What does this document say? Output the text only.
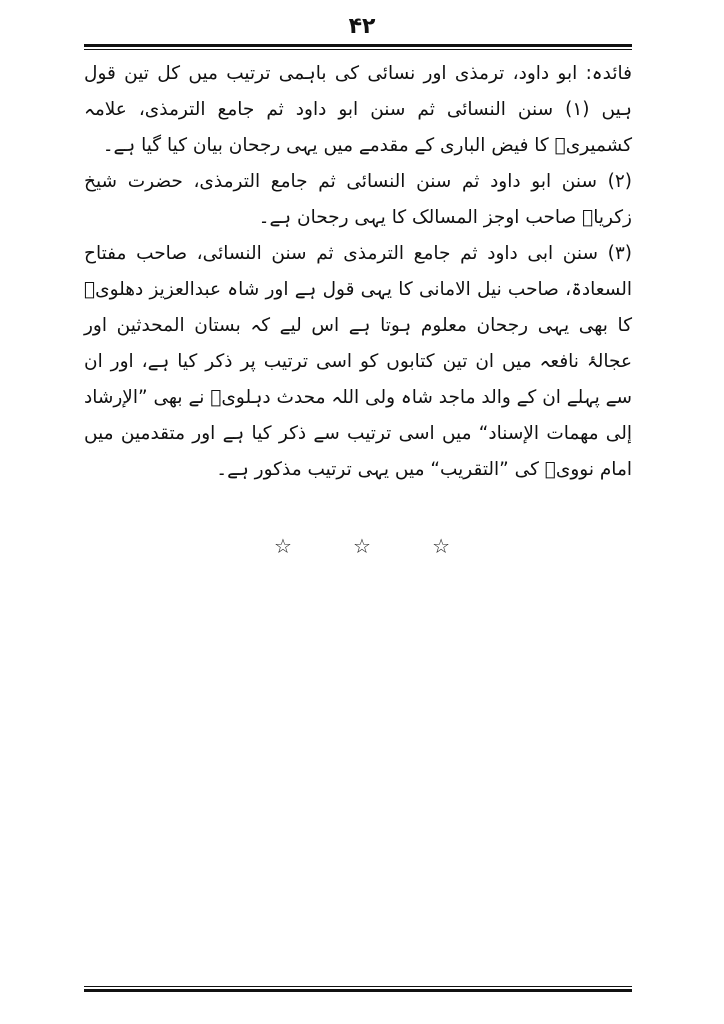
۴۲

فائدہ: ابو داود، ترمذی اور نسائی کی باہمی ترتیب میں کل تین قول ہیں (۱) سنن النسائی ثم سنن ابو داود ثم جامع الترمذی، علامہ کشمیریؒ کا فیض الباری کے مقدمے میں یہی رجحان بیان کیا گیا ہے۔

(۲) سنن ابو داود ثم سنن النسائی ثم جامع الترمذی، حضرت شیخ زکریاؒ صاحب اوجز المسالک کا یہی رجحان ہے۔

(۳) سنن ابی داود ثم جامع الترمذی ثم سنن النسائی، صاحب مفتاح السعادۃ، صاحب نیل الامانی کا یہی قول ہے اور شاہ عبدالعزیز دھلویؒ کا بھی یہی رجحان معلوم ہوتا ہے اس لیے کہ بستان المحدثین اور عجالۂ نافعہ میں ان تین کتابوں کو اسی ترتیب پر ذکر کیا ہے، اور ان سے پہلے ان کے والد ماجد شاہ ولی اللہ محدث دہلویؒ نے بھی ”الإرشاد إلی مهمات الإسناد“ میں اسی ترتیب سے ذکر کیا ہے اور متقدمین میں امام نوویؒ کی ”التقریب“ میں یہی ترتیب مذکور ہے۔

☆	☆	☆
